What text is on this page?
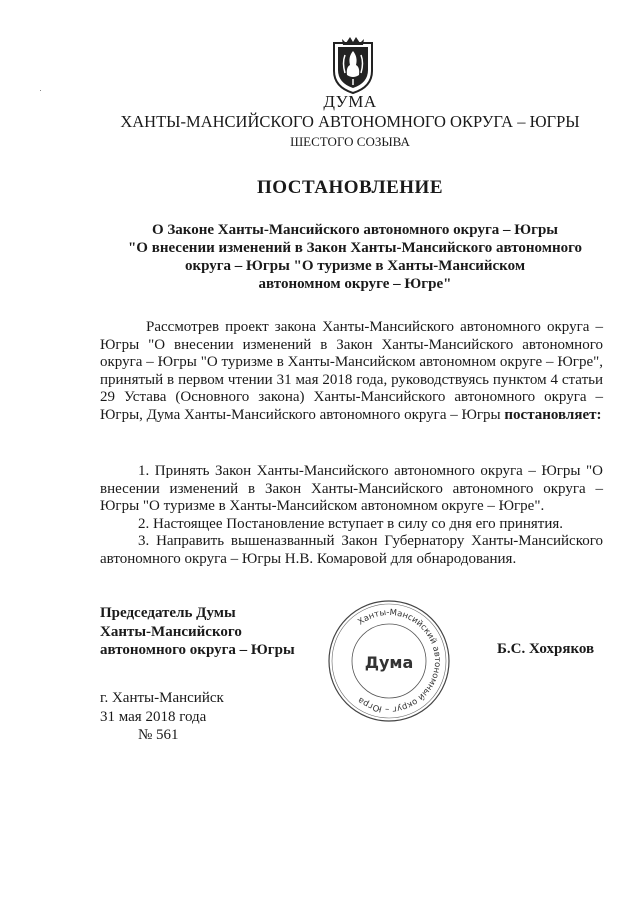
ДУМА

ХАНТЫ-МАНСИЙСКОГО АВТОНОМНОГО ОКРУГА – ЮГРЫ

ШЕСТОГО СОЗЫВА

ПОСТАНОВЛЕНИЕ

О Законе Ханты-Мансийского автономного округа – Югры
"О внесении изменений в Закон Ханты-Мансийского автономного
округа – Югры "О туризме в Ханты-Мансийском
автономном округе – Югре"

Рассмотрев проект закона Ханты-Мансийского автономного округа – Югры "О внесении изменений в Закон Ханты-Мансийского автономного округа – Югры "О туризме в Ханты-Мансийском автономном округе – Югре", принятый в первом чтении 31 мая 2018 года, руководствуясь пунктом 4 статьи 29 Устава (Основного закона) Ханты-Мансийского автономного округа – Югры, Дума Ханты-Мансийского автономного округа – Югры постановляет:

1. Принять Закон Ханты-Мансийского автономного округа – Югры "О внесении изменений в Закон Ханты-Мансийского автономного округа – Югры "О туризме в Ханты-Мансийском автономном округе – Югре".
2. Настоящее Постановление вступает в силу со дня его принятия.
3. Направить вышеназванный Закон Губернатору Ханты-Мансийского автономного округа – Югры Н.В. Комаровой для обнародования.
Председатель Думы
Ханты-Мансийского
автономного округа – Югры
Ханты-Мансийский автономный округ – Югра
Дума

Б.С. Хохряков

г. Ханты-Мансийск
31 мая 2018 года
№ 561
